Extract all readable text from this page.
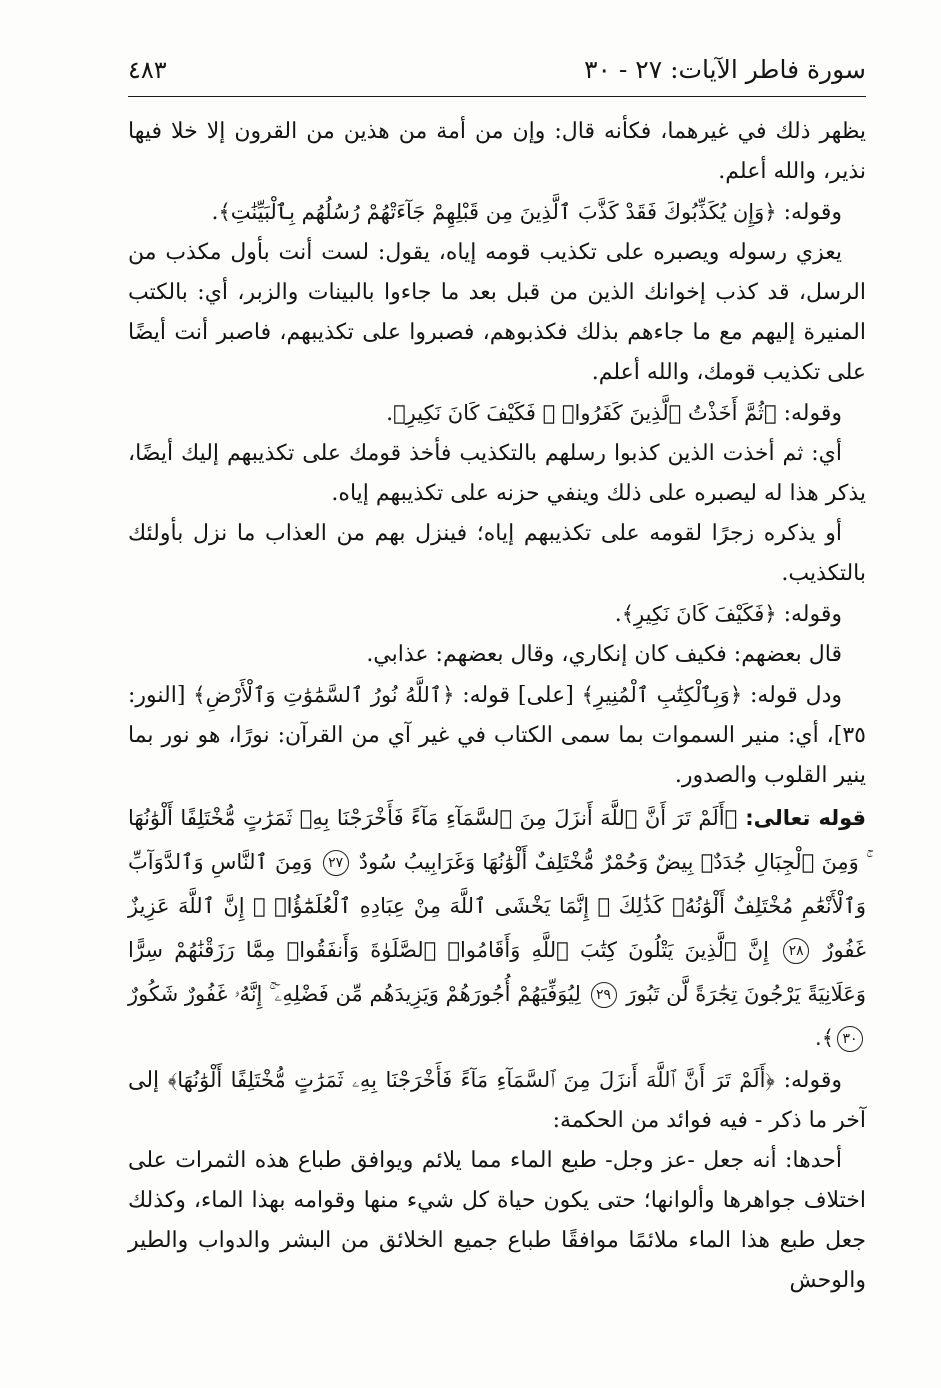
سورة فاطر الآيات: ٢٧ - ٣٠
٤٨٣

يظهر ذلك في غيرهما، فكأنه قال: وإن من أمة من هذين من القرون إلا خلا فيها نذير، والله أعلم.

وقوله: ﴿وَإِن يُكَذِّبُوكَ فَقَدْ كَذَّبَ ٱلَّذِينَ مِن قَبْلِهِمْ جَآءَتْهُمْ رُسُلُهُم بِٱلْبَيِّنَٰتِ﴾.

يعزي رسوله ويصبره على تكذيب قومه إياه، يقول: لست أنت بأول مكذب من الرسل، قد كذب إخوانك الذين من قبل بعد ما جاءوا بالبينات والزبر، أي: بالكتب المنيرة إليهم مع ما جاءهم بذلك فكذبوهم، فصبروا على تكذيبهم، فاصبر أنت أيضًا على تكذيب قومك، والله أعلم.

وقوله: ﴿ثُمَّ أَخَذْتُ ٱلَّذِينَ كَفَرُوا۟ ۖ فَكَيْفَ كَانَ نَكِيرِ﴾.

أي: ثم أخذت الذين كذبوا رسلهم بالتكذيب فأخذ قومك على تكذيبهم إليك أيضًا، يذكر هذا له ليصبره على ذلك وينفي حزنه على تكذيبهم إياه.

أو يذكره زجرًا لقومه على تكذيبهم إياه؛ فينزل بهم من العذاب ما نزل بأولئك بالتكذيب.

وقوله: ﴿فَكَيْفَ كَانَ نَكِيرِ﴾.

قال بعضهم: فكيف كان إنكاري، وقال بعضهم: عذابي.

ودل قوله: ﴿وَبِٱلْكِتَٰبِ ٱلْمُنِيرِ﴾ [على] قوله: ﴿ٱللَّهُ نُورُ ٱلسَّمَٰوَٰتِ وَٱلْأَرْضِ﴾ [النور: ٣٥]، أي: منير السموات بما سمى الكتاب في غير آي من القرآن: نورًا، هو نور بما ينير القلوب والصدور.

قوله تعالى: ﴿أَلَمْ تَرَ أَنَّ ٱللَّهَ أَنزَلَ مِنَ ٱلسَّمَآءِ مَآءً فَأَخْرَجْنَا بِهِۦ ثَمَرَٰتٍ مُّخْتَلِفًا أَلْوَٰنُهَا ۚ وَمِنَ ٱلْجِبَالِ جُدَدٌۢ بِيضٌ وَحُمْرٌ مُّخْتَلِفٌ أَلْوَٰنُهَا وَغَرَابِيبُ سُودٌ ٢٧ وَمِنَ ٱلنَّاسِ وَٱلدَّوَآبِّ وَٱلْأَنْعَٰمِ مُخْتَلِفٌ أَلْوَٰنُهُۥ كَذَٰلِكَ ۗ إِنَّمَا يَخْشَى ٱللَّهَ مِنْ عِبَادِهِ ٱلْعُلَمَٰٓؤُا۟ ۗ إِنَّ ٱللَّهَ عَزِيزٌ غَفُورٌ ٢٨ إِنَّ ٱلَّذِينَ يَتْلُونَ كِتَٰبَ ٱللَّهِ وَأَقَامُوا۟ ٱلصَّلَوٰةَ وَأَنفَقُوا۟ مِمَّا رَزَقْنَٰهُمْ سِرًّا وَعَلَانِيَةً يَرْجُونَ تِجَٰرَةً لَّن تَبُورَ ٢٩ لِيُوَفِّيَهُمْ أُجُورَهُمْ وَيَزِيدَهُم مِّن فَضْلِهِۦٓ ۚ إِنَّهُۥ غَفُورٌ شَكُورٌ ٣٠﴾.

وقوله: ﴿أَلَمْ تَرَ أَنَّ ٱللَّهَ أَنزَلَ مِنَ ٱلسَّمَآءِ مَآءً فَأَخْرَجْنَا بِهِۦ ثَمَرَٰتٍ مُّخْتَلِفًا أَلْوَٰنُهَا﴾ إلى آخر ما ذكر - فيه فوائد من الحكمة:

أحدها: أنه جعل -عز وجل- طبع الماء مما يلائم ويوافق طباع هذه الثمرات على اختلاف جواهرها وألوانها؛ حتى يكون حياة كل شيء منها وقوامه بهذا الماء، وكذلك جعل طبع هذا الماء ملائمًا موافقًا طباع جميع الخلائق من البشر والدواب والطير والوحش
